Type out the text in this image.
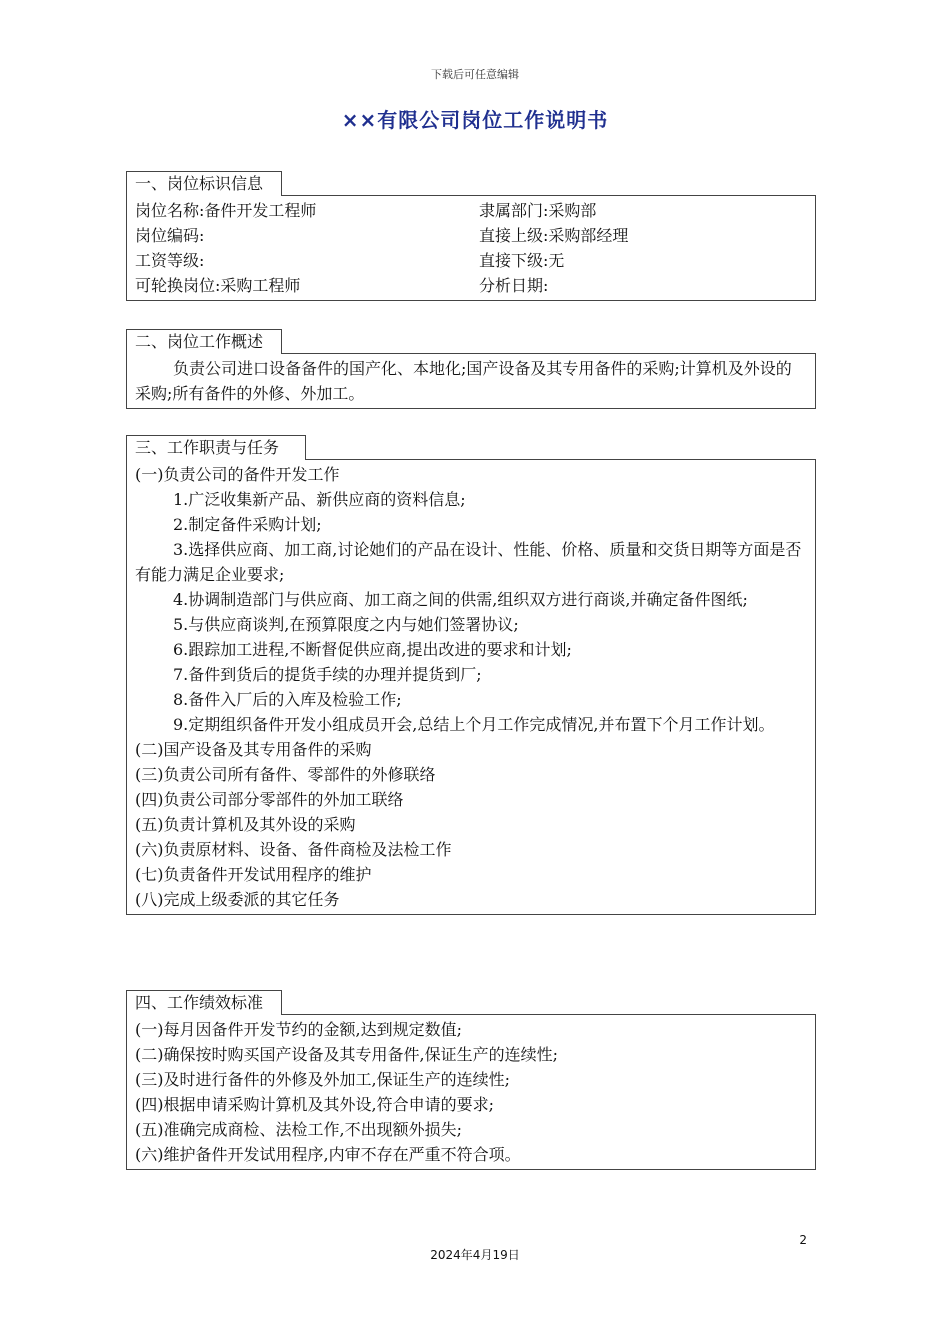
下载后可任意编辑
××有限公司岗位工作说明书
一、岗位标识信息
岗位名称:备件开发工程师	隶属部门:采购部
岗位编码:	直接上级:采购部经理
工资等级:	直接下级:无
可轮换岗位:采购工程师	分析日期:
二、岗位工作概述
负责公司进口设备备件的国产化、本地化;国产设备及其专用备件的采购;计算机及外设的采购;所有备件的外修、外加工。
三、工作职责与任务
(一)负责公司的备件开发工作
1.广泛收集新产品、新供应商的资料信息;
2.制定备件采购计划;
3.选择供应商、加工商,讨论她们的产品在设计、性能、价格、质量和交货日期等方面是否有能力满足企业要求;
4.协调制造部门与供应商、加工商之间的供需,组织双方进行商谈,并确定备件图纸;
5.与供应商谈判,在预算限度之内与她们签署协议;
6.跟踪加工进程,不断督促供应商,提出改进的要求和计划;
7.备件到货后的提货手续的办理并提货到厂;
8.备件入厂后的入库及检验工作;
9.定期组织备件开发小组成员开会,总结上个月工作完成情况,并布置下个月工作计划。
(二)国产设备及其专用备件的采购
(三)负责公司所有备件、零部件的外修联络
(四)负责公司部分零部件的外加工联络
(五)负责计算机及其外设的采购
(六)负责原材料、设备、备件商检及法检工作
(七)负责备件开发试用程序的维护
(八)完成上级委派的其它任务
四、工作绩效标准
(一)每月因备件开发节约的金额,达到规定数值;
(二)确保按时购买国产设备及其专用备件,保证生产的连续性;
(三)及时进行备件的外修及外加工,保证生产的连续性;
(四)根据申请采购计算机及其外设,符合申请的要求;
(五)准确完成商检、法检工作,不出现额外损失;
(六)维护备件开发试用程序,内审不存在严重不符合项。
2
2024年4月19日
